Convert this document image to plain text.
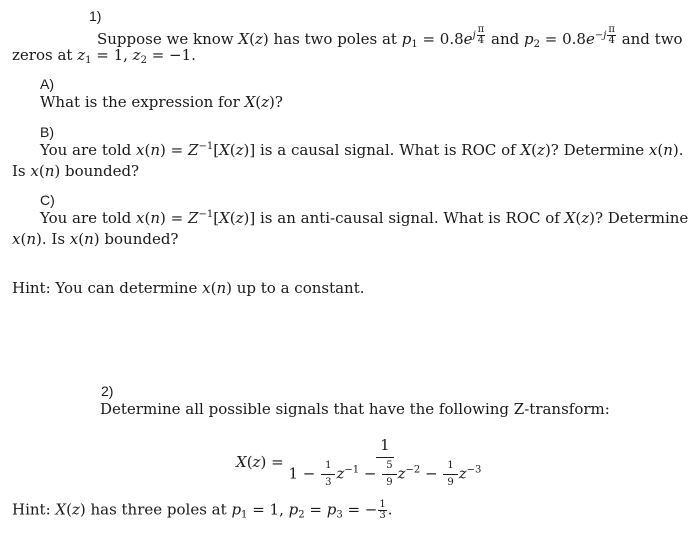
1)
Suppose we know X(z) has two poles at $p_1 = 0.8e^{j \frac{\pi}{4}}$ and $p_2 = 0.8e^{-j \frac{\pi}{4}}$ and two
zeros at $z_1 = 1$, $z_2 = -1$.
A)
What is the expression for X(z)?
B)
You are told $x(n) = Z^{-1}[X(z)]$ is a causal signal. What is ROC of X(z)? Determine x(n).
Is x(n) bounded?
C)
You are told $x(n) = Z^{-1}[X(z)]$ is an anti-causal signal. What is ROC of X(z)? Determine
x(n). Is x(n) bounded?
Hint: You can determine x(n) up to a constant.
2)
Determine all possible signals that have the following Z-transform:
$X(z) = \frac{1}{1 - \frac{1}{3} z^{-1} - \frac{5}{9} z^{-2} - \frac{1}{9} z^{-3}}$
Hint: X(z) has three poles at $p_1 = 1$, $p_2 = p_3$ = − $\frac{1}{3}$ .
